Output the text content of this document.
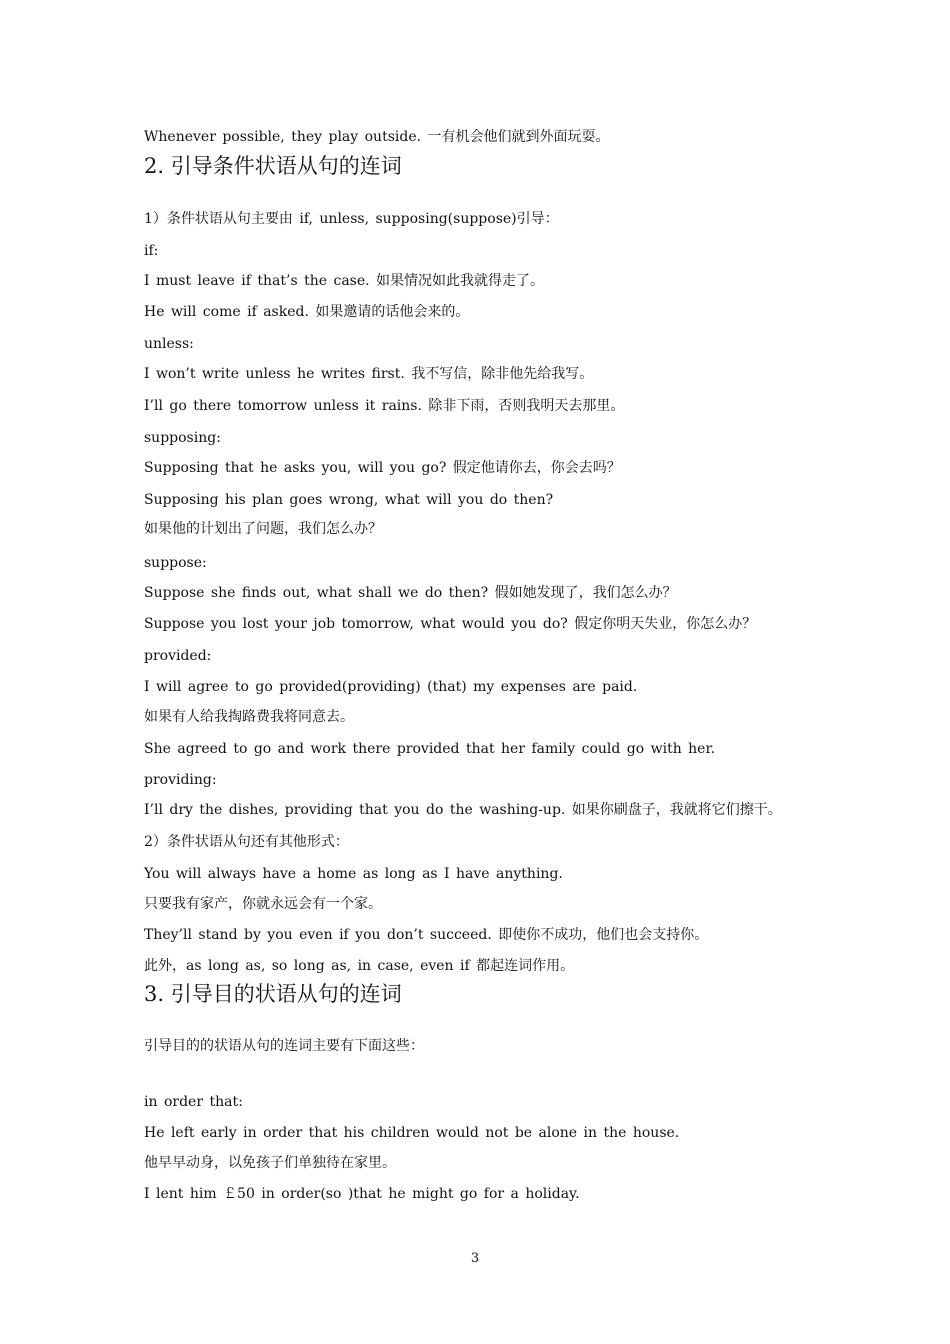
Whenever possible, they play outside. 一有机会他们就到外面玩耍。
2. 引导条件状语从句的连词
1）条件状语从句主要由 if, unless, supposing(suppose)引导：
if:
I must leave if that’s the case. 如果情况如此我就得走了。
He will come if asked. 如果邀请的话他会来的。
unless:
I won’t write unless he writes first. 我不写信，除非他先给我写。
I’ll go there tomorrow unless it rains. 除非下雨，否则我明天去那里。
supposing:
Supposing that he asks you, will you go? 假定他请你去，你会去吗？
Supposing his plan goes wrong, what will you do then?
如果他的计划出了问题，我们怎么办？
suppose:
Suppose she finds out, what shall we do then? 假如她发现了，我们怎么办？
Suppose you lost your job tomorrow, what would you do? 假定你明天失业，你怎么办？
provided:
I will agree to go provided(providing) (that) my expenses are paid.
如果有人给我掏路费我将同意去。
She agreed to go and work there provided that her family could go with her.
providing:
I’ll dry the dishes, providing that you do the washing-up. 如果你刷盘子，我就将它们擦干。
2）条件状语从句还有其他形式：
You will always have a home as long as I have anything.
只要我有家产，你就永远会有一个家。
They’ll stand by you even if you don’t succeed. 即使你不成功，他们也会支持你。
此外，as long as, so long as, in case, even if 都起连词作用。
3. 引导目的状语从句的连词
引导目的的状语从句的连词主要有下面这些：
in order that:
He left early in order that his children would not be alone in the house.
他早早动身，以免孩子们单独待在家里。
I lent him ￡50 in order(so )that he might go for a holiday.
3
